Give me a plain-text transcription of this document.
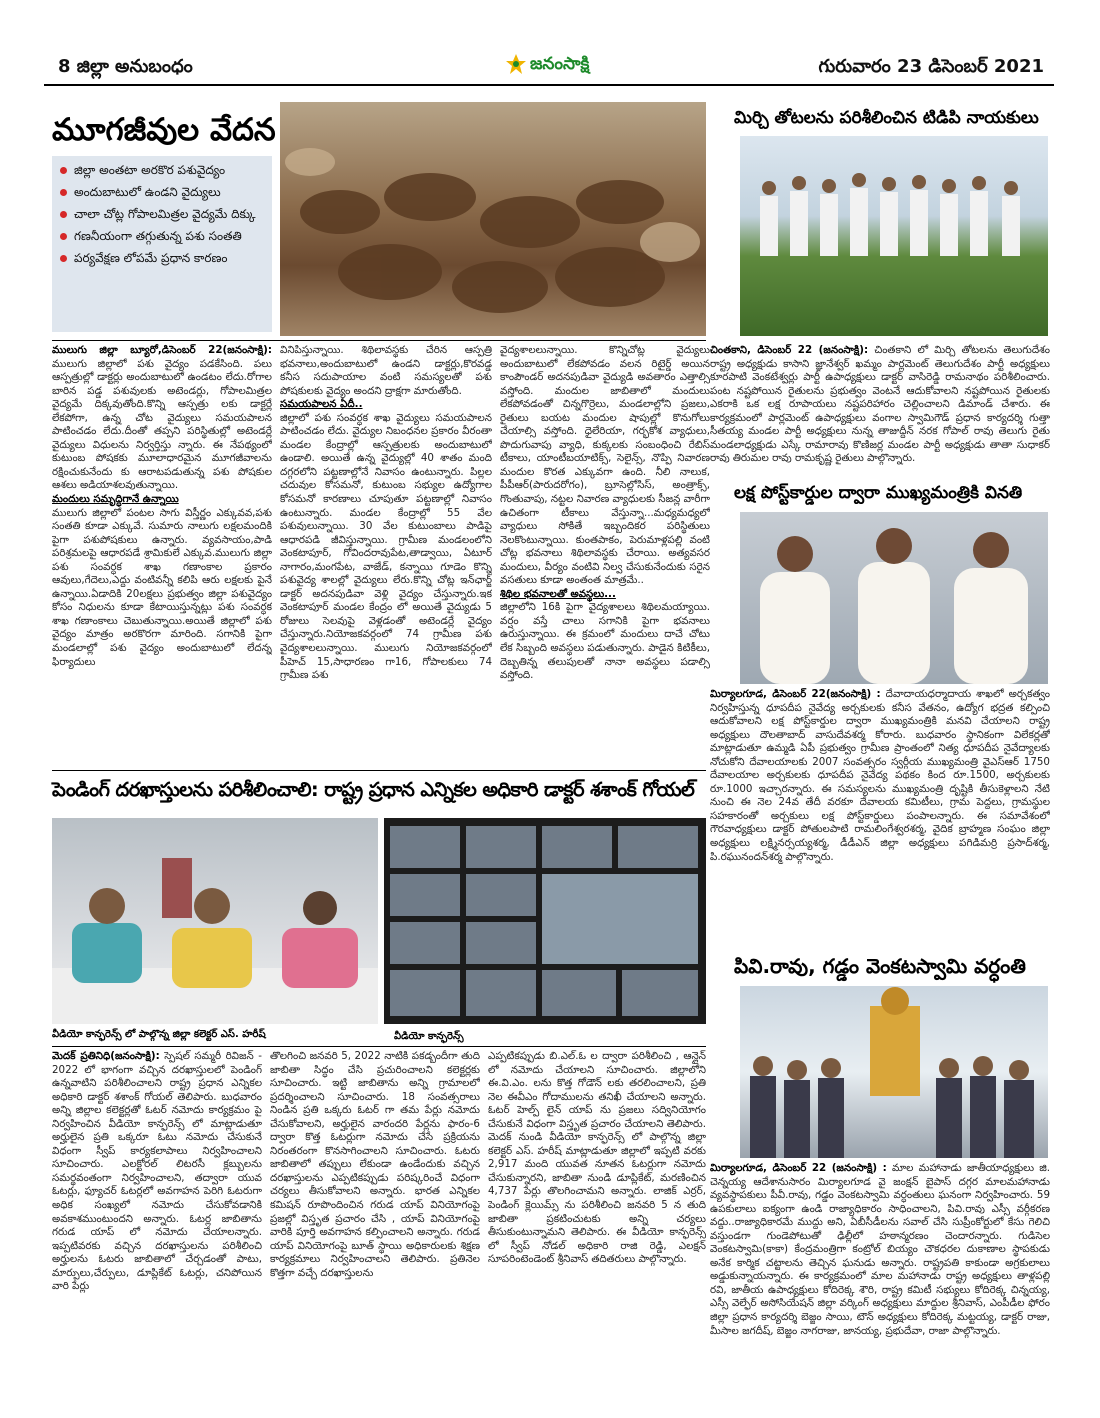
8 జిల్లా అనుబంధం	జనంసాక్షి	గురువారం 23 డిసెంబర్ 2021
మూగజీవుల వేదన
జిల్లా అంతటా అరకొర పశువైద్యం
అందుబాటులో ఉండని వైద్యులు
చాలా చోట్ల గోపాలమిత్రల వైద్యమే దిక్కు
గణనీయంగా తగ్గుతున్న పశు సంతతి
పర్యవేక్షణ లోపమే ప్రధాన కారణం
ములుగు జిల్లా బ్యూరో,డిసెంబర్ 22(జనంసాక్షి): ములుగు జిల్లాలో పశు వైద్యం పడకేసింది. పలు ఆస్పత్రుల్లో డాక్టర్లు అందుబాటులో ఉండటం లేదు.రోగాల బారిన పడ్డ పశువులకు అటెండర్లు, గోపాలమిత్రల వైద్యమే దిక్కవుతోంది.కొన్ని ఆస్పత్రు లకు డాక్టర్లే లేకపోగా, ఉన్న చోట వైద్యులు సమయపాలన పాటించడం లేదు.దీంతో తప్పని పరిస్థితుల్లో అటెండర్లే వైద్యులు విధులను నిర్వర్తిస్తు న్నారు. ఈ నేపథ్యంలో కుటుంబ పోషకకు మూలాధారమైన మూగజీవాలను రక్షించుకునేందు కు ఆరాటపడుతున్న పశు పోషకుల ఆశలు అడియాశలవుతున్నాయి.
మందులు సమృద్ధిగానే ఉన్నాయి
ములుగు జిల్లాలో పంటల సాగు విస్తీర్ణం ఎక్కువవ,పశు సంతతి కూడా ఎక్కువే. సుమారు నాలుగు లక్షలమందికి పైగా పశుపోషకులు ఉన్నారు. వ్యవసాయం,పాడి పరిశ్రమలపై ఆధారపడే శ్రామికులే ఎక్కువ.ములుగు జిల్లా పశు సంవర్ధక శాఖ గణాంకాల ప్రకారం ఆవులు,గేదెలు,ఎద్దు వంటివన్నీ కలిపి ఆరు లక్షలకు పైనే ఉన్నాయి.ఏడాదికి 20లక్షలు ప్రభుత్వం జిల్లా పశువైద్యం కోసం నిధులను కూడా కేటాయిస్తున్నట్లు పశు సంవర్ధక శాఖ గణాంకాలు చెబుతున్నాయి.అయితే జిల్లాలో పశు వైద్యం మాత్రం అరకొరగా మారింది. సగానికి పైగా మండలాల్లో పశు వైద్యం అందుబాటులో లేదన్న ఫిర్యాదులు
వినిపిస్తున్నాయి. శిథిలావస్థకు చేరిన ఆస్పత్రి భవనాలు,అందుబాటులో ఉండని డాక్టర్లు,కొరవడ్డ కనీస సదుపాయాల వంటి సమస్యలతో పశు పోషకులకు వైద్యం అందని ద్రాక్షగా మారుతోంది.
సమయపాలన ఏదీ..
జిల్లాలో పశు సంవర్ధక శాఖ వైద్యులు సమయపాలన పాటించడం లేదు. వైద్యుల నిబంధనల ప్రకారం వీరంతా మండల కేంద్రాల్లో ఆస్పత్రులకు అందుబాటులో ఉండాలి. అయితే ఉన్న వైద్యుల్లో 40 శాతం మంది దగ్గరలోని పట్టణాల్లోనే నివాసం ఉంటున్నారు. పిల్లల చదువుల కోసమనో, కుటుంబ సభ్యుల ఉద్యోగాల కోసమనో కారణాలు చూపుతూ పట్టణాల్లో నివాసం ఉంటున్నారు. మండల కేంద్రాల్లో 55 వేల పశువులున్నాయి. 30 వేల కుటుంబాలు పాడిపై ఆధారపడి జీవిస్తున్నాయి. గ్రామీణ మండలంలోని వెంకటాపూర్, గోవిందరావుపేట,తాడ్వాయి, ఏటూర్ నాగారం,మంగపేట, వాజేడ్, కన్నాయి గూడెం కొన్ని పశువైద్య శాలల్లో వైద్యులు లేరు.కొన్ని చోట్ల ఇన్‌ఛార్జ్ డాక్టర్ అదనపుడివా వెళ్లి వైద్యం చేస్తున్నారు.ఇక వెంకటాపూర్ మండల కేంద్రం లో అయితే వైద్యుడు 5 రోజులు సెలవుపై వెళ్లడంతో అటెండర్లే వైద్యం చేస్తున్నారు.నియోజకవర్గంలో 74 గ్రామీణ పశు వైద్యశాలలున్నాయి. ములుగు నియోజకవర్గంలో పీహెచ్ 15,సాధారణం గా16, గోపాలకులు 74 గ్రామీణ పశు
వైద్యశాలలున్నాయి. కొన్నిచోట్ల వైద్యులు అందుబాటులో లేకపోవడం వలన రిటైర్డ్ అయిన కాంపౌండర్ అదనపుడివా వైద్యుడి అవతారం ఎత్తాల్సి వస్తోంది. మందుల జాబితాలో మందులు లేకపోవడంతో చిన్నగొర్రెలు, మండలాల్లోని ప్రజలు, రైతులు బయట మందుల షాపుల్లో కొనుగోలు చేయాల్సి వస్తోంది. ధైలేరియా, గర్భకోశ వ్యాధులు, పొదుగువాపు వ్యాధి, కుక్కలకు సంబంధించి రేబిస్ టీకాలు, యాంటీబయాటిక్స్, సెలైన్స్, నొప్పి నివారణ మందుల కొరత ఎక్కువగా ఉంది. నీలి నాలుక, పీపీఆర్(పారుదరోగం), బ్రూసెల్లోసిస్, అంత్రాక్స్, గొంతువాపు, నట్టల నివారణ వ్యాధులకు సీజన్ల వారీగా ఉచితంగా టీకాలు వేస్తున్నా...మధ్యమధ్యలో వ్యాధులు సోకితే ఇబ్బందికర పరిస్థితులు నెలకొంటున్నాయి. కుంతపాకం, పెరుమాళ్లపల్లి వంటి చోట్ల భవనాలు శిథిలావస్థకు చేరాయి. అత్యవసర మందులు, వీర్యం వంటివి నిల్వ చేసుకునేందుకు సరైన వసతులు కూడా అంతంత మాత్రమే..
శిథిల భవనాలతో అవస్థలు...
జిల్లాలోని 16కి పైగా వైద్యశాలలు శిథిలమయ్యాయి. వర్షం వస్తే చాలు సగానికి పైగా భవనాలు ఉరుస్తున్నాయి. ఈ క్రమంలో మందులు దాచే చోటు లేక సిబ్బంది అవస్థలు పడుతున్నారు. పాడైన కిటికీలు, దెబ్బతిన్న తలుపులతో నానా అవస్థలు పడాల్సి వస్తోంది.
మిర్చి తోటలను పరిశీలించిన టిడిపి నాయకులు
చింతకాని, డిసెంబర్ 22 (జనంసాక్షి): చింతకాని లో మిర్చి తోటలను తెలుగుదేశం రాష్ట్ర అధ్యక్షుడు కాసాని జ్ఞానేశ్వర్ ఖమ్మం పార్లమెంట్ తెలుగుదేశం పార్టీ అధ్యక్షులు కూరపాటి వెంకటేశ్వర్లు పార్టీ ఉపాధ్యక్షులు డాక్టర్ వాసిరెడ్డి రామనాథం పరిశీలించారు. పంట నష్టపోయిన రైతులను ప్రభుత్వం వెంటనే ఆదుకోవాలని నష్టపోయిన రైతులకు ఎకరాకి ఒక లక్ష రూపాయలు నష్టపరిహారం చెల్లించాలని డిమాండ్ చేశారు. ఈ కార్యక్రమంలో పార్లమెంట్ ఉపాధ్యక్షులు వంగాల స్వామిగౌడ్ ప్రధాన కార్యదర్శి గుత్తా సీతయ్య మండల పార్టీ అధ్యక్షులు నున్న తాజుద్దీన్ నరక గోపాల్ రావు తెలుగు రైతు మండలాధ్యక్షుడు ఎస్కే రామారావు కొణిజర్ల మండల పార్టీ అధ్యక్షుడు తాతా సుధాకర్ రావు తిరుమల రావు రామకృష్ణ రైతులు పాల్గొన్నారు.
లక్ష పోస్ట్‌కార్డుల ద్వారా ముఖ్యమంత్రికి వినతి
మిర్యాలగూడ, డిసెంబర్ 22(జనంసాక్షి) : దేవాదాయధర్మాదాయ శాఖలో అర్చకత్వం నిర్వహిస్తున్న ధూపదీప నైవేద్య అర్చకులకు కనీస వేతనం, ఉద్యోగ భద్రత కల్పించి ఆదుకోవాలని లక్ష పోస్ట్‌కార్డుల ద్వారా ముఖ్యమంత్రికి మనవి చేయాలని రాష్ట్ర అధ్యక్షులు దౌలతాబాద్ వాసుదేవశర్మ కోరారు. బుధవారం స్థానికంగా విలేకర్లతో మాట్లాడుతూ ఉమ్మడి ఏపీ ప్రభుత్వం గ్రామీణ ప్రాంతంలో నిత్య ధూపదీప నైవేద్యాలకు నోచుకోని దేవాలయాలకు 2007 సంవత్సరం స్వర్గీయ ముఖ్యమంత్రి వైఎస్ఆర్ 1750 దేవాలయాల అర్చకులకు ధూపదీప నైవేద్య పథకం కింద రూ.1500, అర్చకులకు రూ.1000 ఇచ్చారన్నారు. ఈ సమస్యలను ముఖ్యమంత్రి దృష్టికి తీసుకెళ్లాలని నేటి నుంచి ఈ నెల 24వ తేదీ వరకూ దేవాలయ కమిటీలు, గ్రామ పెద్దలు, గ్రామస్థుల సహకారంతో అర్చకులు లక్ష పోస్ట్‌కార్డులు పంపాలన్నారు. ఈ సమావేశంలో గౌరవాధ్యక్షులు డాక్టర్ పోతులపాటి రామలింగేశ్వరశర్మ, వైదిక బ్రాహ్మణ సంఘం జిల్లా అధ్యక్షులు లక్ష్మినర్సయ్యశర్మ, డీడీఎన్ జిల్లా అధ్యక్షులు పగిడిమర్రి ప్రసాద్‌శర్మ, పి.రఘునందన్‌శర్మ పాల్గొన్నారు.
పెండింగ్ దరఖాస్తులను పరిశీలించాలి: రాష్ట్ర ప్రధాన ఎన్నికల అధికారి డాక్టర్ శశాంక్ గోయల్
వీడియో కాన్ఫరెన్స్ లో పాల్గొన్న జిల్లా కలెక్టర్ ఎస్. హరీష్	వీడియో కాన్ఫరెన్స్
మెదక్ ప్రతినిధి(జనంసాక్షి): స్పెషల్ సమ్మరీ రివిజన్ - 2022 లో భాగంగా వచ్చిన దరఖాస్తులలో పెండింగ్ ఉన్నవాటిని పరిశీలించాలని రాష్ట్ర ప్రధాన ఎన్నికల అధికారి డాక్టర్ శశాంక్ గోయల్ తెలిపారు. బుధవారం అన్ని జిల్లాల కలెక్టర్లతో ఓటర్ నమోదు కార్యక్రమం పై నిర్వహించిన వీడియో కాన్ఫరెన్స్ లో మాట్లాడుతూ అర్హులైన ప్రతి ఒక్కరూ ఓటు నమోదు చేసుకునే విధంగా స్వీప్ కార్యకలాపాలు నిర్వహించాలని సూచించారు. ఎలక్టోరల్ లిటరసీ క్లబ్బులను సమర్థవంతంగా నిర్వహించాలని, తద్వారా యువ ఓటర్లు, ఫ్యూచర్ ఓటర్లలో అవగాహన పెరిగి ఓటరుగా అధిక సంఖ్యలో నమోదు చేసుకోవడానికి అవకాశముంటుందని అన్నారు. ఓటర్ల జాబితాను గరుడ యాప్ లో నమోదు చేయాలన్నారు. ఇప్పటివరకు వచ్చిన దరఖాస్తులను పరిశీలించి అర్హులను ఓటరు జాబితాలో చేర్చడంతో పాటు, మార్పులు,చేర్పులు, డూప్లికేట్ ఓటర్లు, చనిపోయిన వారి పేర్లు
తొలగించి జనవరి 5, 2022 నాటికి పకడ్బందీగా తుది జాబితా సిద్ధం చేసి ప్రచురించాలని కలెక్టర్లకు సూచించారు. ఇట్టి జాబితాను అన్ని గ్రామాలలో ప్రదర్శించాలని సూచించారు. 18 సంవత్సరాలు నిండిన ప్రతి ఒక్కరు ఓటర్ గా తమ పేర్లు నమోదు చేసుకోవాలని, అర్హులైన వారందరి పేర్లను ఫారం-6 ద్వారా కొత్త ఓటర్లుగా నమోదు చేసే ప్రక్రియను నిరంతరంగా కొనసాగించాలని సూచించారు. ఓటరు జాబితాలో తప్పులు లేకుండా ఉండేందుకు వచ్చిన దరఖాస్తులను ఎప్పటికప్పుడు పరిష్కరించే విధంగా చర్యలు తీసుకోవాలని అన్నారు. భారత ఎన్నికల కమిషన్ రూపొందించిన గరుడ యాప్ వినియోగంపై ప్రజల్లో విస్తృత ప్రచారం చేసి , యాప్ వినియోగంపై వారికి పూర్తి అవగాహన కల్పించాలని అన్నారు. గరుడ యాప్ వినియోగంపై బూత్ స్థాయి అధికారులకు శిక్షణ కార్యక్రమాలు నిర్వహించాలని తెలిపారు. ప్రతినెల కొత్తగా వచ్చే దరఖాస్తులను
ఎప్పటికప్పుడు బి.ఎల్.ఓ ల ద్వారా పరిశీలించి , ఆన్లైన్ లో నమోదు చేయాలని సూచించారు. జిల్లాలోని ఈ.వి.ఎం. లను కొత్త గోడౌన్ లకు తరలించాలని, ప్రతి నెల ఈవీఎం గోదాములను తనిఖీ చేయాలని అన్నారు. ఓటర్ హెల్ప్ లైన్ యాప్ ను ప్రజలు సద్వినియోగం చేసుకునే విధంగా విస్తృత ప్రచారం చేయాలని తెలిపారు. మెదక్ నుండి వీడియో కాన్ఫరెన్స్ లో పాల్గొన్న జిల్లా కలెక్టర్ ఎస్. హరీష్ మాట్లాడుతూ జిల్లాలో ఇప్పటి వరకు 2,917 మంది యువత నూతన ఓటర్లుగా నమోదు చేసుకున్నారని, జాబితా నుండి డూప్లికేట్, మరణించిన 4,737 పేర్లు తొలగించామని అన్నారు. లాజిక్ ఎర్రర్, పెండింగ్ క్లెయిమ్స్ ను పరిశీలించి జనవరి 5 న తుది జాబితా ప్రకటించుటకు అన్ని చర్యలు తీసుకుంటున్నామని తెలిపారు. ఈ వీడియో కాన్ఫరెన్స్ లో స్వీప్ నోడల్ అధికారి రాజి రెడ్డి, ఎలక్షన్ సూపరింటెండెంట్ శ్రీనివాస్ తదితరులు పాల్గొన్నారు.
పివి.రావు, గడ్డం వెంకటస్వామి వర్ధంతి
మిర్యాలగూడ, డిసెంబర్ 22 (జనంసాక్షి) : మాల మహానాడు జాతీయాధ్యక్షులు జి. చెన్నయ్య ఆదేశానుసారం మిర్యాలగూడ వై జంక్షన్ బైపాస్ దగ్గర మాలమహానాడు వ్యవస్థాపకులు పీవీ.రావు, గడ్డం వెంకటస్వామి వర్ధంతులు ఘనంగా నిర్వహించారు. 59 ఉపకులాలు ఐక్యంగా ఉండి రాజ్యాధికారం సాధించాలని, పివి.రావు ఎస్సీ వర్గీకరణ వద్దు..రాజ్యాధికారమే ముద్దు అని, ఏబీసీడీలను సవాల్ చేసి సుప్రీంకోర్టులో కేసు గెలిచి వస్తుండగా గుండెపోటుతో ఢిల్లీలో హఠాన్మరణం చెందారన్నారు. గుడిసెల వెంకటస్వామి(కాకా) కేంద్రమంత్రిగా కంట్రోల్ బియ్యం చౌకధరల దుకాణాల స్థాపకుడు అనేక కార్మిక చట్టాలను తెచ్చిన ఘనుడు అన్నారు. రాష్ట్రపతి కాకుండా అగ్రకులాలు అడ్డుకున్నాయన్నారు. ఈ కార్యక్రమంలో మాల మహానాడు రాష్ట్ర అధ్యక్షులు తాళ్లపల్లి రవి, జాతీయ ఉపాధ్యక్షులు కోదిరెక్క శౌరి, రాష్ట్ర కమిటీ సభ్యులు కోదిరెక్క చిన్నయ్య, ఎస్సీ వెల్ఫేర్ అసోసియేషన్ జిల్లా వర్కింగ్ అధ్యక్షులు మాద్దుల శ్రీనివాస్, ఎంపీడీల ఫోరం జిల్లా ప్రధాన కార్యదర్శి బెజ్జం సాయి, టౌన్ అధ్యక్షులు కోదిరెక్క మట్టయ్య, డాక్టర్ రాజు, మీసాల జగదీష్, బెజ్జం నాగరాజు, జానయ్య, ప్రభుదేవా, రాజా పాల్గొన్నారు.
